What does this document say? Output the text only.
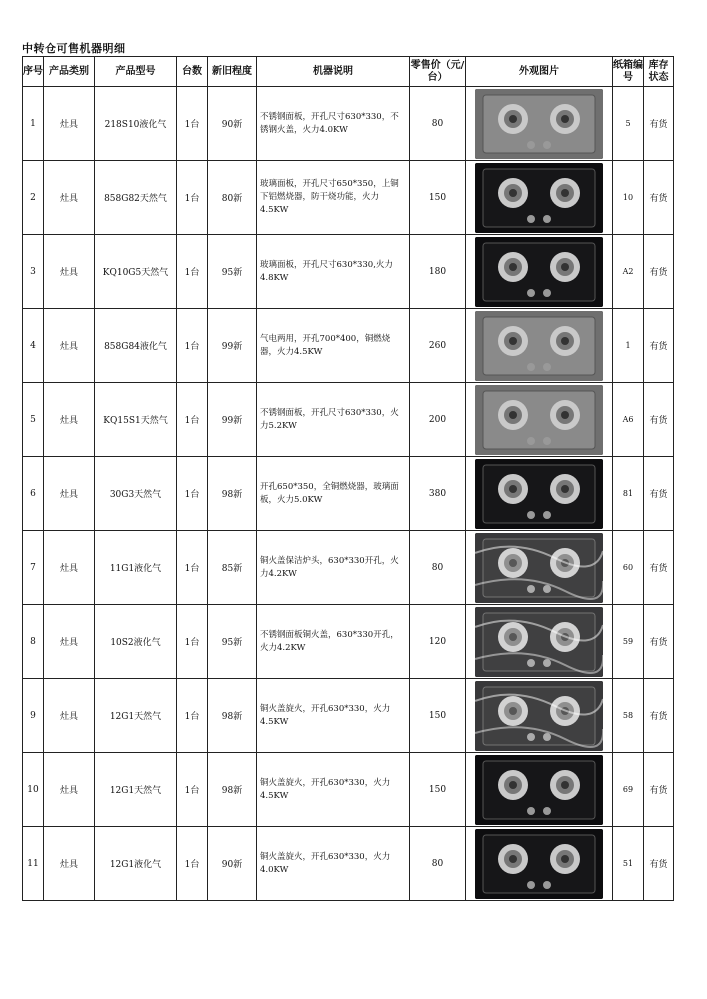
中转仓可售机器明细
序号	产品类别	产品型号	台数	新旧程度	机器说明	零售价（元/台）	外观图片	纸箱编号	库存状态
1	灶具	218S10液化气	1台	90新	不锈钢面板，开孔尺寸630*330，不锈钢火盖，火力4.0KW	80		5	有货
2	灶具	858G82天然气	1台	80新	玻璃面板，开孔尺寸650*350，上铜下铝燃烧器，防干烧功能，火力4.5KW	150		10	有货
3	灶具	KQ10G5天然气	1台	95新	玻璃面板，开孔尺寸630*330,火力4.8KW	180		A2	有货
4	灶具	858G84液化气	1台	99新	气电两用，开孔700*400，铜燃烧器，火力4.5KW	260		1	有货
5	灶具	KQ15S1天然气	1台	99新	不锈钢面板，开孔尺寸630*330，火力5.2KW	200		A6	有货
6	灶具	30G3天然气	1台	98新	开孔650*350，全铜燃烧器，玻璃面板，火力5.0KW	380		81	有货
7	灶具	11G1液化气	1台	85新	铜火盖保洁炉头，630*330开孔，火力4.2KW	80		60	有货
8	灶具	10S2液化气	1台	95新	不锈钢面板铜火盖，630*330开孔，火力4.2KW	120		59	有货
9	灶具	12G1天然气	1台	98新	铜火盖旋火，开孔630*330，火力4.5KW	150		58	有货
10	灶具	12G1天然气	1台	98新	铜火盖旋火，开孔630*330，火力4.5KW	150		69	有货
11	灶具	12G1液化气	1台	90新	铜火盖旋火，开孔630*330，火力4.0KW	80		51	有货
